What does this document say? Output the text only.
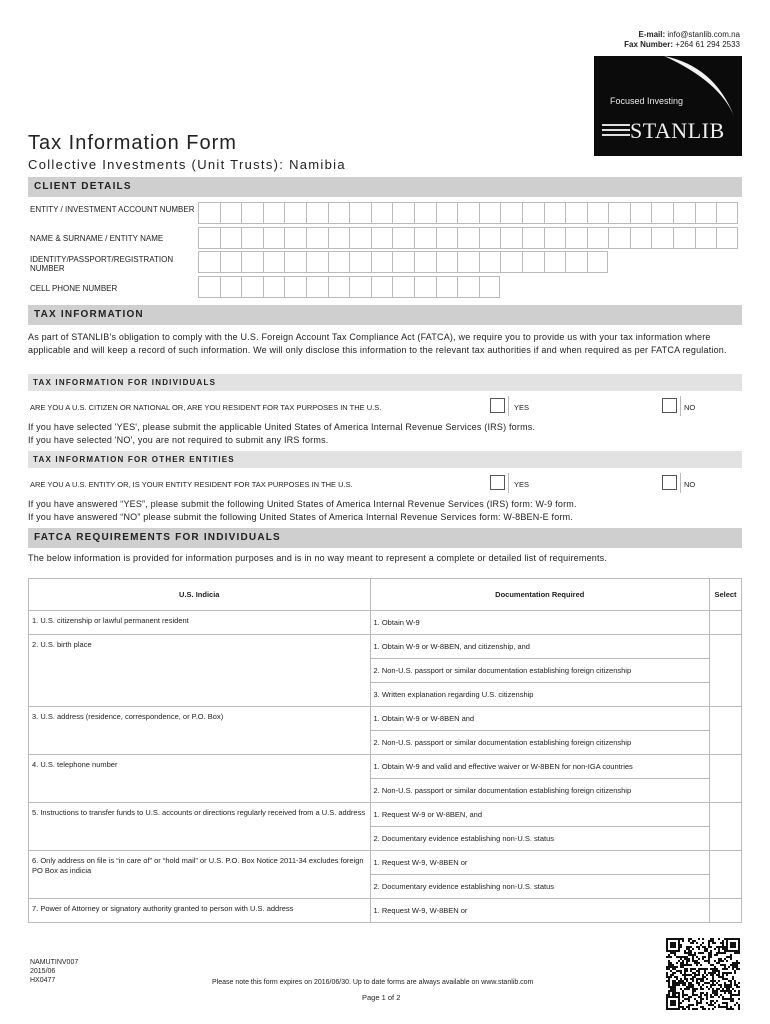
E-mail: info@stanlib.com.na
Fax Number: +264 61 294 2533
Focused Investing
STANLIB
Tax Information Form
Collective Investments (Unit Trusts): Namibia
CLIENT DETAILS
ENTITY / INVESTMENT ACCOUNT NUMBER
NAME & SURNAME / ENTITY NAME
IDENTITY/PASSPORT/REGISTRATION NUMBER
CELL PHONE NUMBER
TAX INFORMATION
As part of STANLIB’s obligation to comply with the U.S. Foreign Account Tax Compliance Act (FATCA), we require you to provide us with your tax information where applicable and will keep a record of such information. We will only disclose this information to the relevant tax authorities if and when required as per FATCA regulation.
TAX INFORMATION FOR INDIVIDUALS
ARE YOU A U.S. CITIZEN OR NATIONAL OR, ARE YOU RESIDENT FOR TAX PURPOSES IN THE U.S.	YES	NO
If you have selected 'YES', please submit the applicable United States of America Internal Revenue Services (IRS) forms.
If you have selected 'NO', you are not required to submit any IRS forms.
TAX INFORMATION FOR OTHER ENTITIES
ARE YOU A U.S. ENTITY OR, IS YOUR ENTITY RESIDENT FOR TAX PURPOSES IN THE U.S.	YES	NO
If you have answered “YES”, please submit the following United States of America Internal Revenue Services (IRS) form: W-9 form.
If you have answered “NO” please submit the following United States of America Internal Revenue Services form: W-8BEN-E form.
FATCA REQUIREMENTS FOR INDIVIDUALS
The below information is provided for information purposes and is in no way meant to represent a complete or detailed list of requirements.
U.S. Indicia	Documentation Required	Select
1. U.S. citizenship or lawful permanent resident	1. Obtain W-9	
2. U.S. birth place	1. Obtain W-9 or W-8BEN, and citizenship, and	
	2. Non-U.S. passport or similar documentation establishing foreign citizenship	
	3. Written explanation regarding U.S. citizenship	
3. U.S. address (residence, correspondence, or P.O. Box)	1. Obtain W-9 or W-8BEN and	
	2. Non-U.S. passport or similar documentation establishing foreign citizenship	
4. U.S. telephone number	1. Obtain W-9 and valid and effective waiver or W-8BEN for non-IGA countries	
	2. Non-U.S. passport or similar documentation establishing foreign citizenship	
5. Instructions to transfer funds to U.S. accounts or directions regularly received from a U.S. address	1. Request W-9 or W-8BEN, and	
	2. Documentary evidence establishing non-U.S. status	
6. Only address on file is “in care of” or “hold mail” or U.S. P.O. Box Notice 2011-34 excludes foreign PO Box as indicia	1. Request W-9, W-8BEN or	
	2. Documentary evidence establishing non-U.S. status	
7. Power of Attorney or signatory authority granted to person with U.S. address	1. Request W-9, W-8BEN or	
NAMUTINV007
2015/06
HX0477	Please note this form expires on 2016/06/30. Up to date forms are always available on www.stanlib.com
Page 1 of 2
